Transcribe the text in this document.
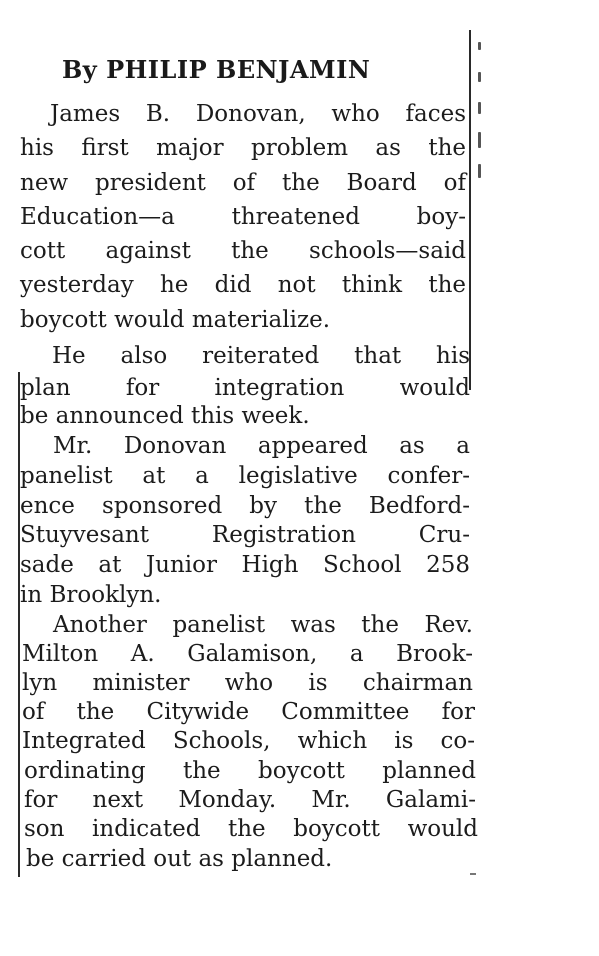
By PHILIP BENJAMIN
James B. Donovan, who faces
his first major problem as the
new president of the Board of
Education—a threatened boy-
cott against the schools—said
yesterday he did not think the
boycott would materialize.
He also reiterated that his
plan for integration would
be announced this week.
Mr. Donovan appeared as a
panelist at a legislative confer-
ence sponsored by the Bedford-
Stuyvesant Registration Cru-
sade at Junior High School 258
in Brooklyn.
Another panelist was the Rev.
Milton A. Galamison, a Brook-
lyn minister who is chairman
of the Citywide Committee for
Integrated Schools, which is co-
ordinating the boycott planned
for next Monday. Mr. Galami-
son indicated the boycott would
be carried out as planned.
